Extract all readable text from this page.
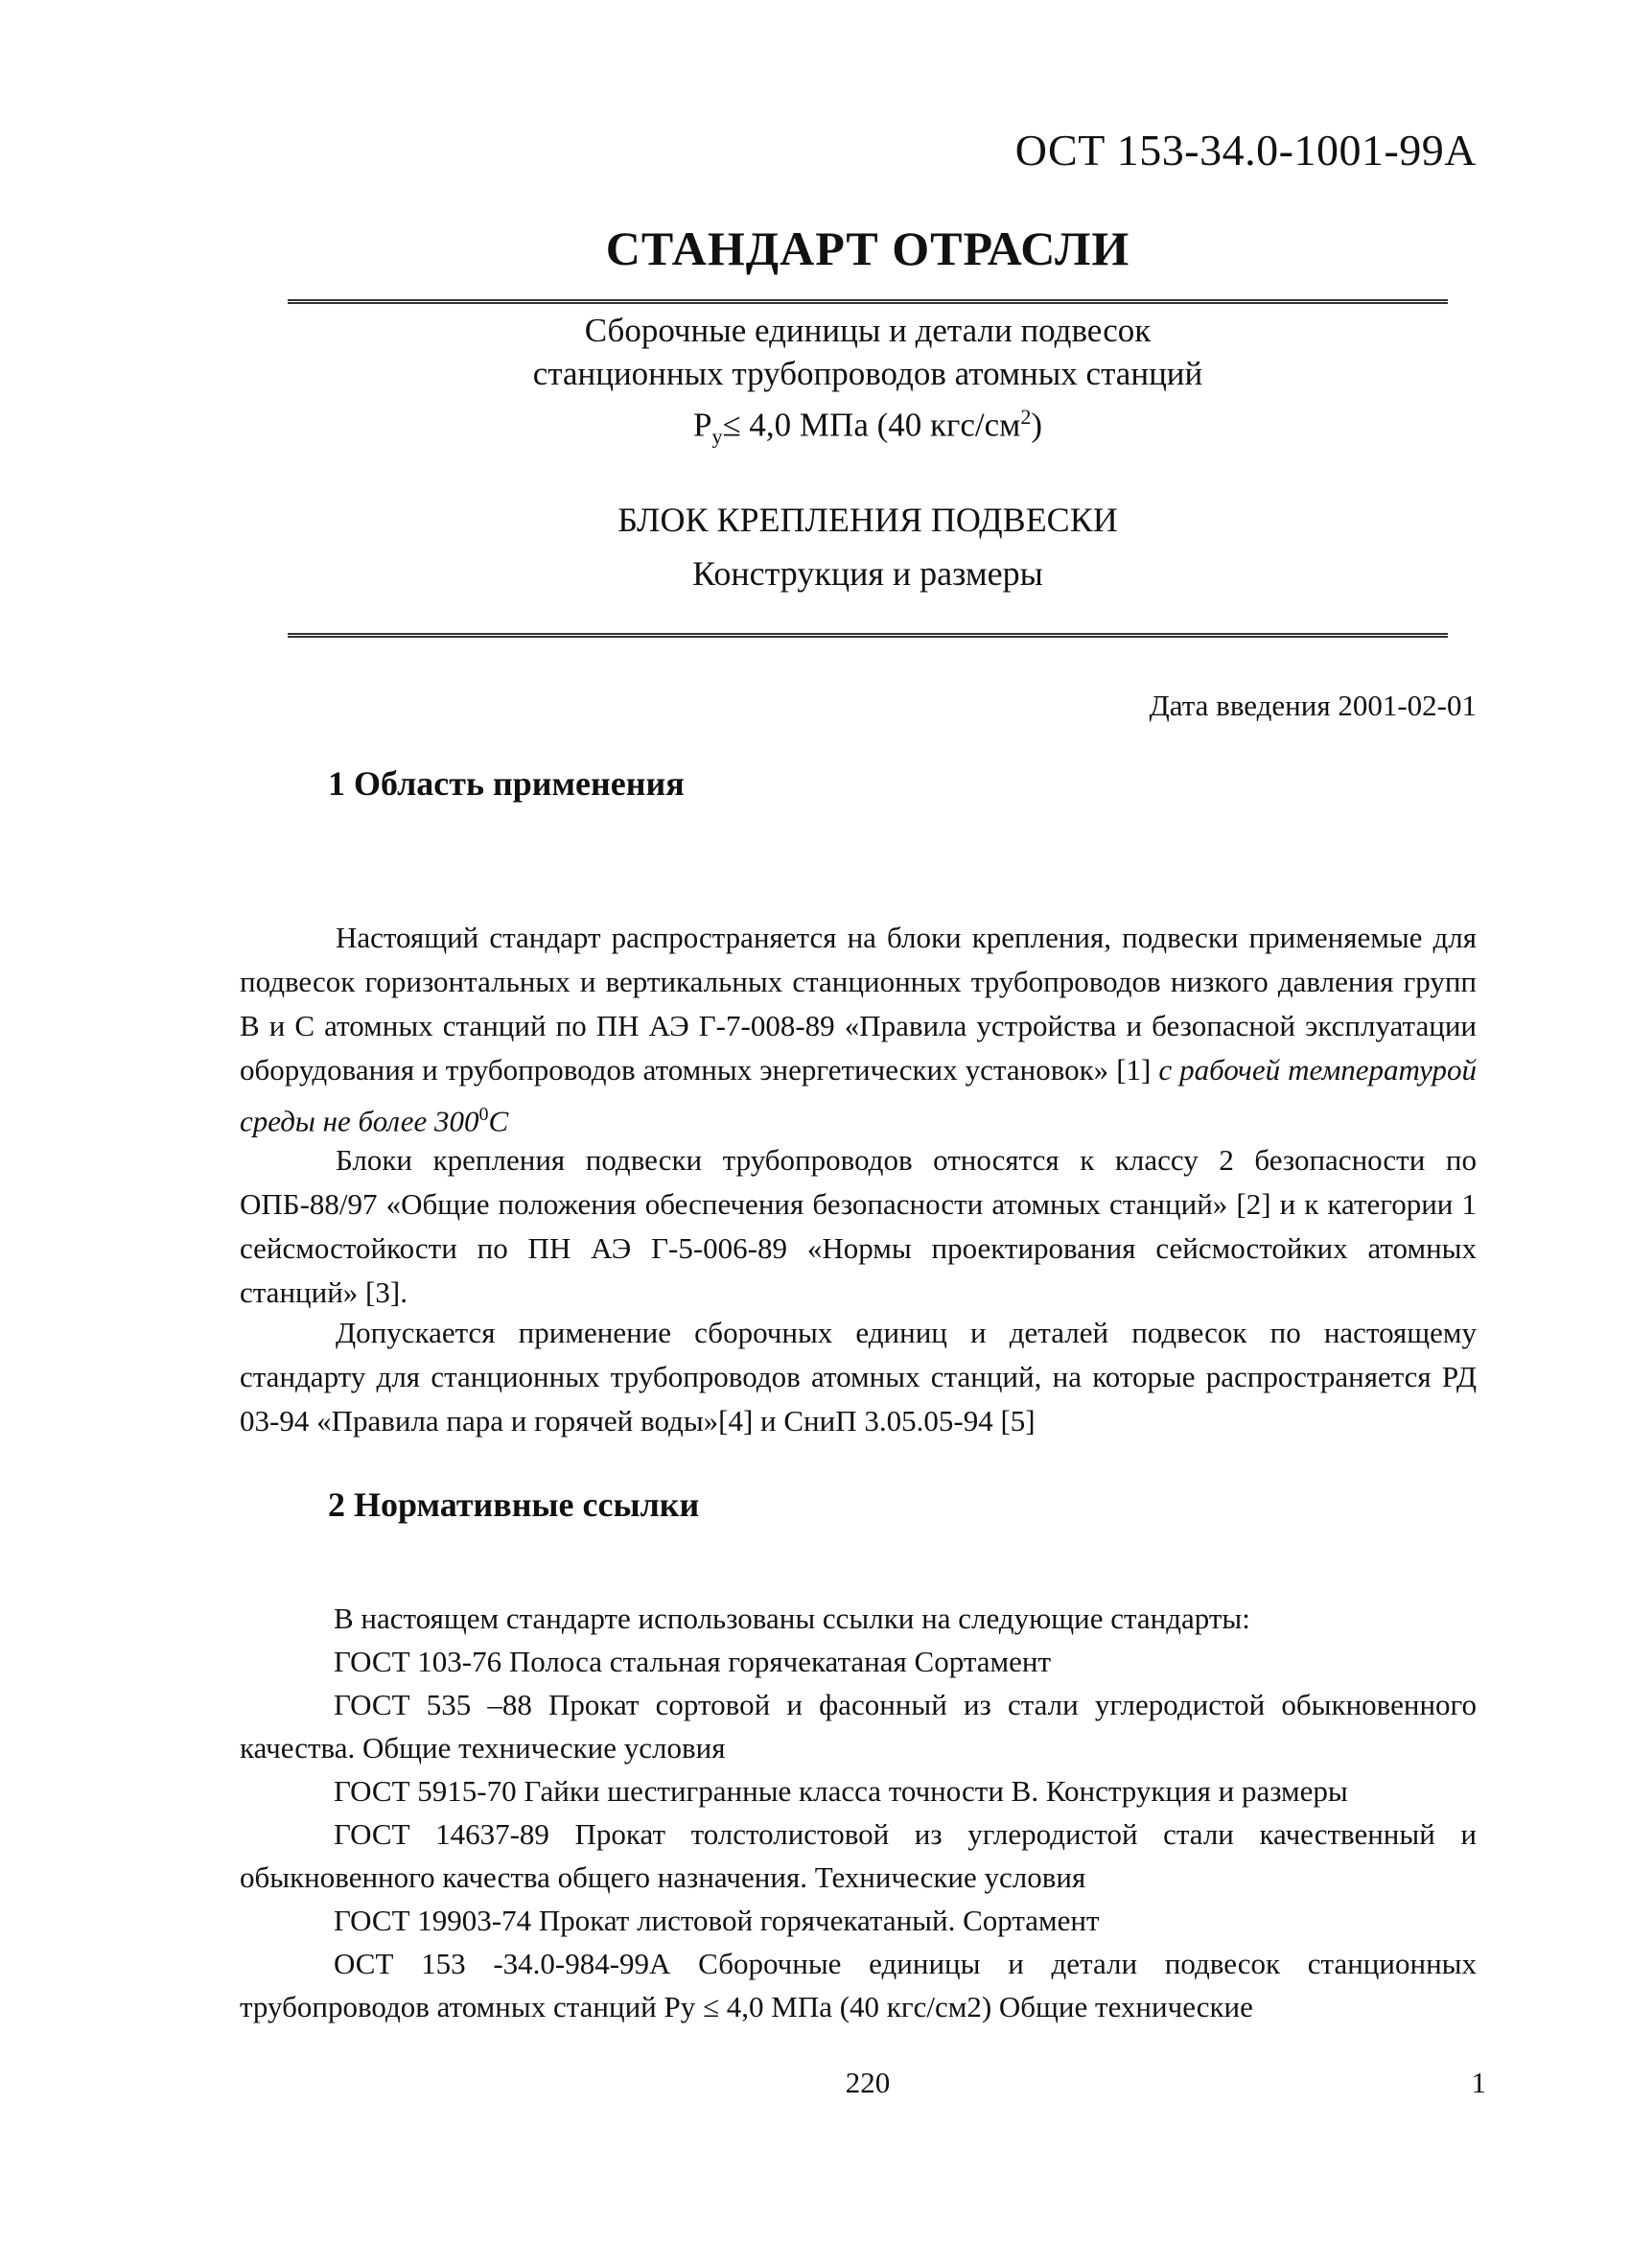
ОСТ 153-34.0-1001-99А
СТАНДАРТ ОТРАСЛИ
Сборочные единицы и детали подвесок
станционных трубопроводов атомных станций
$P_y\le 4,0$ МПа (40 кгс/$см^2$)
БЛОК КРЕПЛЕНИЯ ПОДВЕСКИ
Конструкция и размеры
Дата введения 2001-02-01
1 Область применения
Настоящий стандарт распространяется на блоки крепления, подвески применяемые для подвесок горизонтальных и вертикальных станционных трубопроводов низкого давления групп В и С атомных станций по ПН АЭ Г-7-008-89 «Правила устройства и безопасной эксплуатации оборудования и трубопроводов атомных энергетических установок» [1] с рабочей температурой среды не более $300^0С$
Блоки крепления подвески трубопроводов относятся к классу 2 безопасности по ОПБ-88/97 «Общие положения обеспечения безопасности атомных станций» [2] и к категории 1 сейсмостойкости по ПН АЭ Г-5-006-89 «Нормы проектирования сейсмостойких атомных станций» [3].
Допускается применение сборочных единиц и деталей подвесок по настоящему стандарту для станционных трубопроводов атомных станций, на которые распространяется РД 03-94 «Правила пара и горячей воды»[4] и СниП 3.05.05-94 [5]
2 Нормативные ссылки
В настоящем стандарте использованы ссылки на следующие стандарты:
ГОСТ 103-76 Полоса стальная горячекатаная Сортамент
ГОСТ 535 –88 Прокат сортовой и фасонный из стали углеродистой обыкновенного качества. Общие технические условия
ГОСТ 5915-70 Гайки шестигранные класса точности В. Конструкция и размеры
ГОСТ 14637-89 Прокат толстолистовой из углеродистой стали качественный и обыкновенного качества общего назначения. Технические условия
ГОСТ 19903-74 Прокат листовой горячекатаный. Сортамент
ОСТ 153 -34.0-984-99А Сборочные единицы и детали подвесок станционных трубопроводов атомных станций Ру ≤ 4,0 МПа (40 кгс/см2) Общие технические
220	1
